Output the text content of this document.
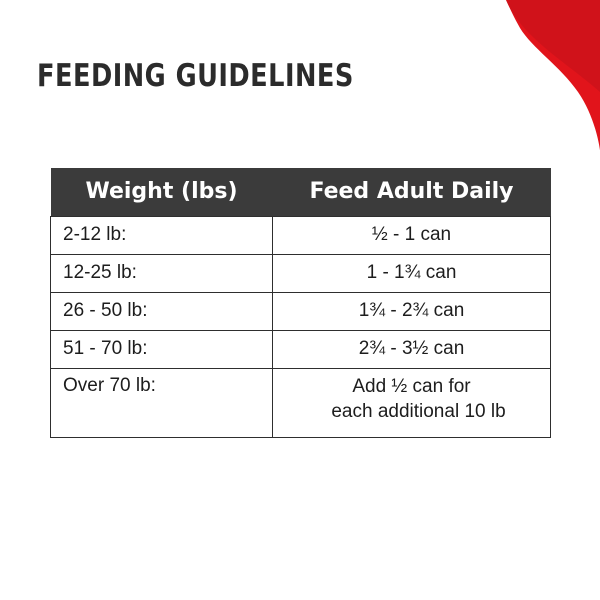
FEEDING GUIDELINES
Weight (lbs)	Feed Adult Daily
2-12 lb:	½ - 1 can
12-25 lb:	1 - 1¾ can
26 - 50 lb:	1¾ - 2¾ can
51 - 70 lb:	2¾ - 3½ can
Over 70 lb:	Add ½ can for
each additional 10 lb
